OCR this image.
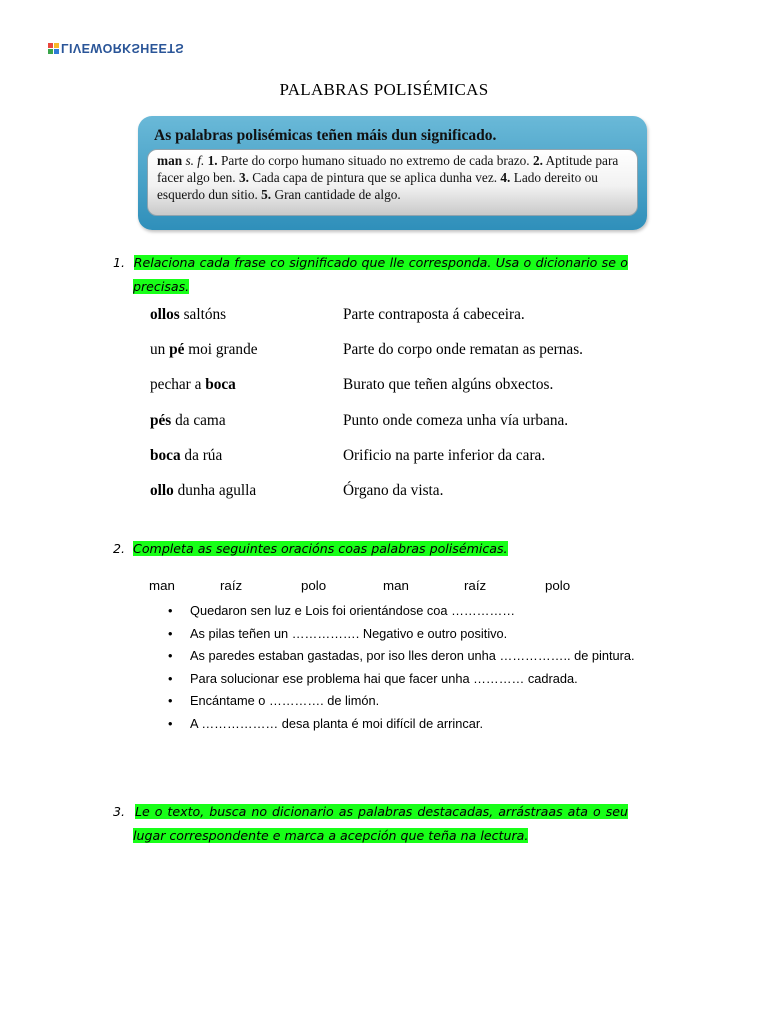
LIVEWORKSHEETS
PALABRAS POLISÉMICAS
As palabras polisémicas teñen máis dun significado.
man s. f. 1. Parte do corpo humano situado no extremo de cada brazo. 2. Aptitude para facer algo ben. 3. Cada capa de pintura que se aplica dunha vez. 4. Lado dereito ou esquerdo dun sitio. 5. Gran cantidade de algo.
1. Relaciona cada frase co significado que lle corresponda. Usa o dicionario se o precisas.
ollos saltóns	Parte contraposta á cabeceira.
un pé moi grande	Parte do corpo onde rematan as pernas.
pechar a boca	Burato que teñen algúns obxectos.
pés da cama	Punto onde comeza unha vía urbana.
boca da rúa	Orificio na parte inferior da cara.
ollo dunha agulla	Órgano da vista.
2. Completa as seguintes oracións coas palabras polisémicas.
man	raíz	polo	man	raíz	polo
• Quedaron sen luz e Lois foi orientándose coa ……………
• As pilas teñen un ……………. Negativo e outro positivo.
• As paredes estaban gastadas, por iso lles deron unha …………….. de pintura.
• Para solucionar ese problema hai que facer unha ………… cadrada.
• Encántame o …………. de limón.
• A ……………… desa planta é moi difícil de arrincar.
3. Le o texto, busca no dicionario as palabras destacadas, arrástraas ata o seu lugar correspondente e marca a acepción que teña na lectura.
